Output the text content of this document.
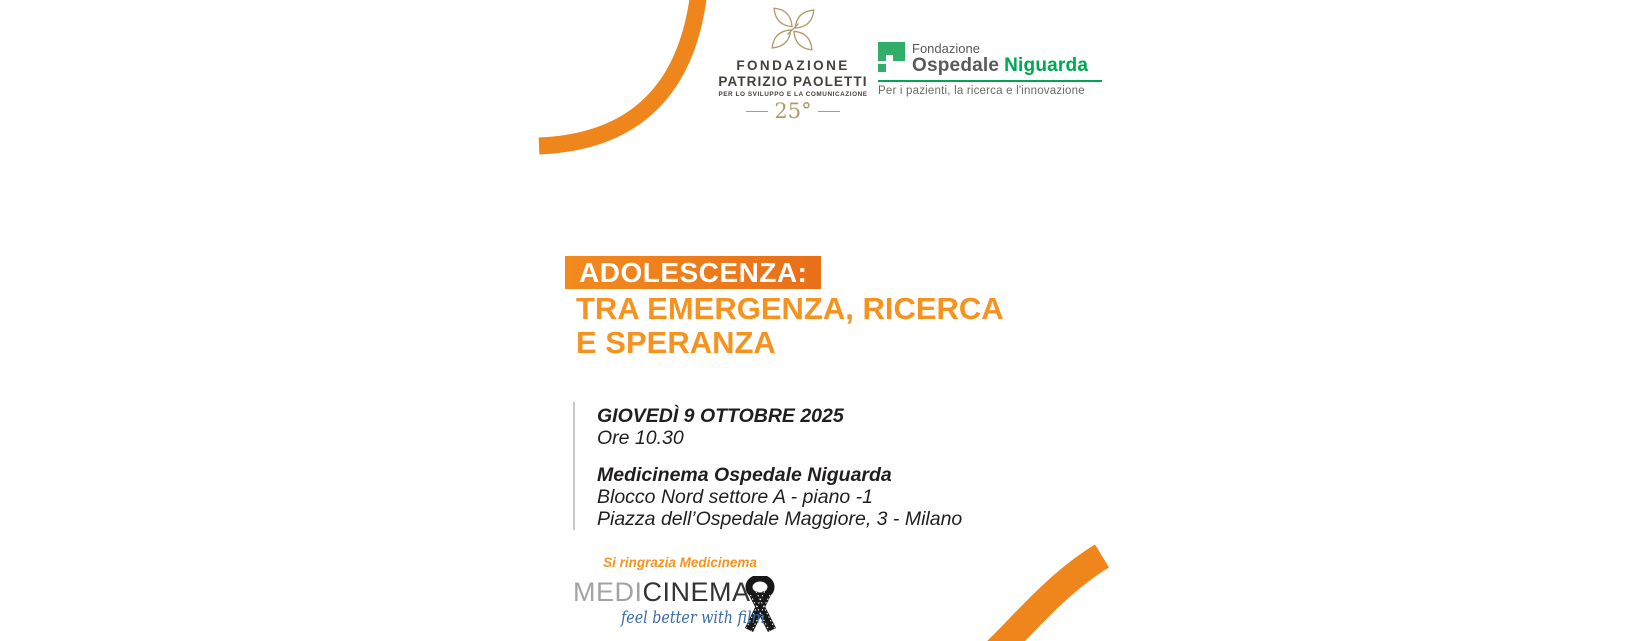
FONDAZIONE
PATRIZIO PAOLETTI
PER LO SVILUPPO E LA COMUNICAZIONE
25°
Fondazione
Ospedale Niguarda
Per i pazienti, la ricerca e l'innovazione
ADOLESCENZA:
TRA EMERGENZA, RICERCA
E SPERANZA
GIOVEDÌ 9 OTTOBRE 2025
Ore 10.30
Medicinema Ospedale Niguarda
Blocco Nord settore A - piano -1
Piazza dell’Ospedale Maggiore, 3 - Milano
Si ringrazia Medicinema
MEDICINEMA
feel better with film
